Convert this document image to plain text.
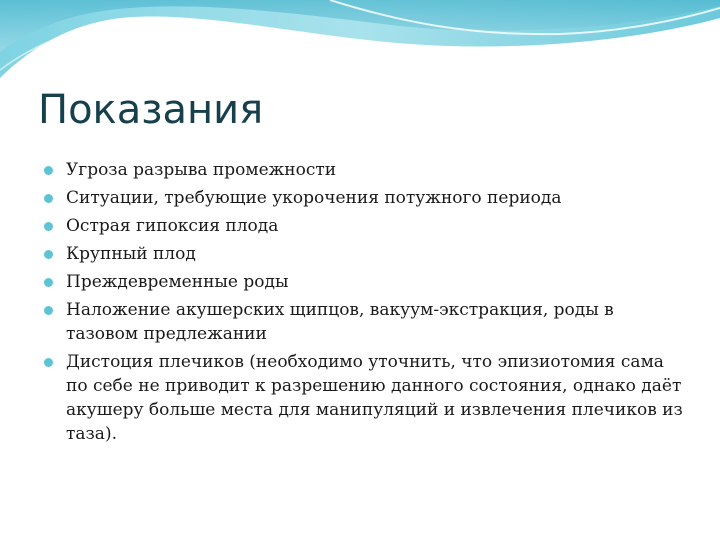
Показания
Угроза разрыва промежности
Ситуации, требующие укорочения потужного периода
Острая гипоксия плода
Крупный плод
Преждевременные роды
Наложение акушерских щипцов, вакуум-экстракция, роды в тазовом предлежании
Дистоция плечиков (необходимо уточнить, что эпизиотомия сама по себе не приводит к разрешению данного состояния, однако даёт акушеру больше места для манипуляций и извлечения плечиков из таза).
